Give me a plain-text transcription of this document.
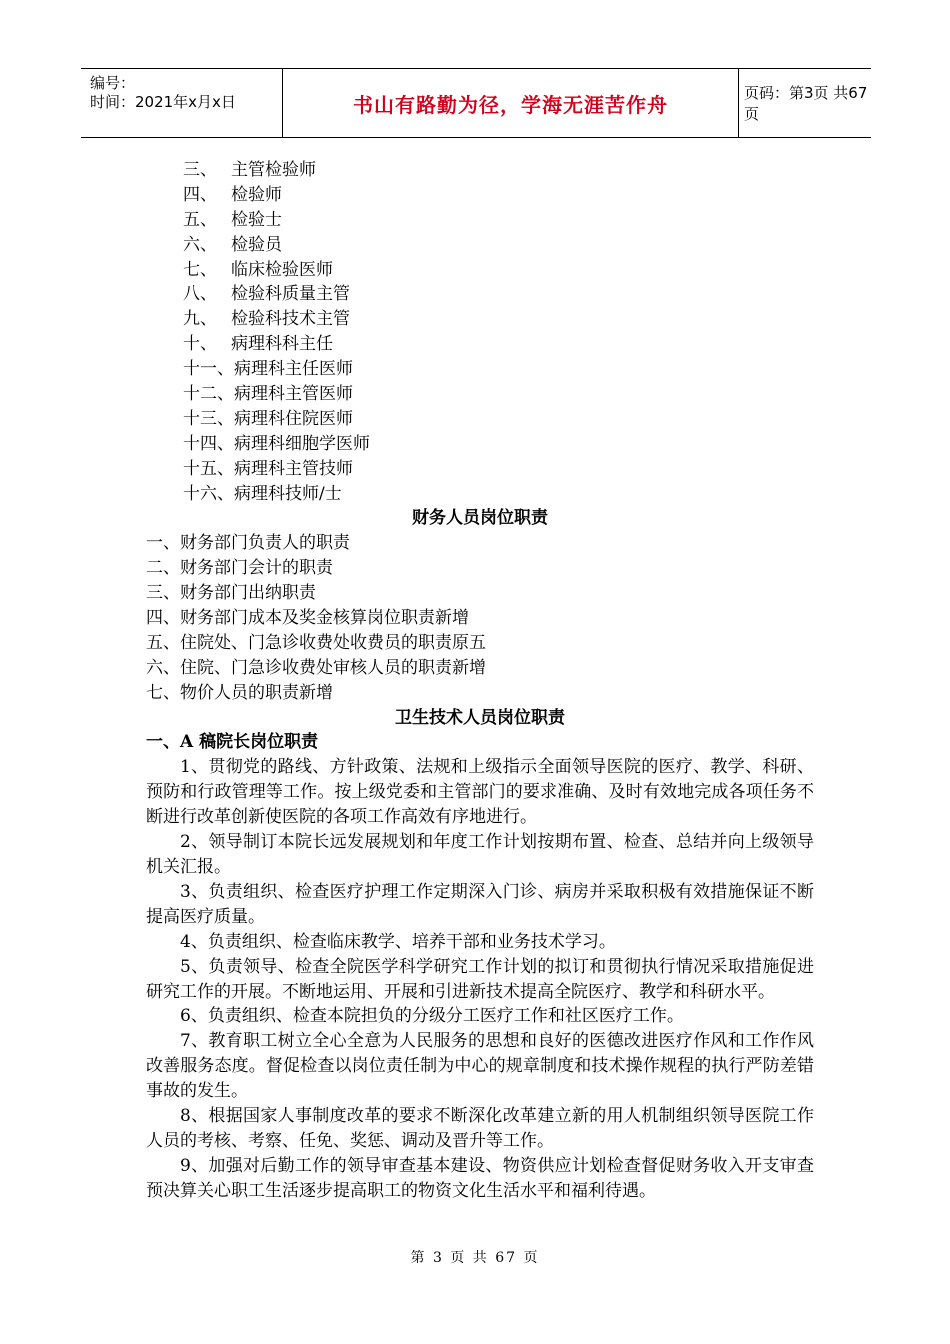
编号：
时间：2021年x月x日	书山有路勤为径，学海无涯苦作舟	页码：第3页 共67页
三、 主管检验师
四、 检验师
五、 检验士
六、 检验员
七、 临床检验医师
八、 检验科质量主管
九、 检验科技术主管
十、 病理科科主任
十一、病理科主任医师
十二、病理科主管医师
十三、病理科住院医师
十四、病理科细胞学医师
十五、病理科主管技师
十六、病理科技师/士
财务人员岗位职责
一、财务部门负责人的职责
二、财务部门会计的职责
三、财务部门出纳职责
四、财务部门成本及奖金核算岗位职责新增
五、住院处、门急诊收费处收费员的职责原五
六、住院、门急诊收费处审核人员的职责新增
七、物价人员的职责新增
卫生技术人员岗位职责
一、A 稿院长岗位职责
1、贯彻党的路线、方针政策、法规和上级指示全面领导医院的医疗、教学、科研、预防和行政管理等工作。按上级党委和主管部门的要求准确、及时有效地完成各项任务不断进行改革创新使医院的各项工作高效有序地进行。
2、领导制订本院长远发展规划和年度工作计划按期布置、检查、总结并向上级领导机关汇报。
3、负责组织、检查医疗护理工作定期深入门诊、病房并采取积极有效措施保证不断提高医疗质量。
4、负责组织、检查临床教学、培养干部和业务技术学习。
5、负责领导、检查全院医学科学研究工作计划的拟订和贯彻执行情况采取措施促进研究工作的开展。不断地运用、开展和引进新技术提高全院医疗、教学和科研水平。
6、负责组织、检查本院担负的分级分工医疗工作和社区医疗工作。
7、教育职工树立全心全意为人民服务的思想和良好的医德改进医疗作风和工作作风改善服务态度。督促检查以岗位责任制为中心的规章制度和技术操作规程的执行严防差错事故的发生。
8、根据国家人事制度改革的要求不断深化改革建立新的用人机制组织领导医院工作人员的考核、考察、任免、奖惩、调动及晋升等工作。
9、加强对后勤工作的领导审查基本建设、物资供应计划检查督促财务收入开支审查预决算关心职工生活逐步提高职工的物资文化生活水平和福利待遇。
第 3 页 共 67 页
